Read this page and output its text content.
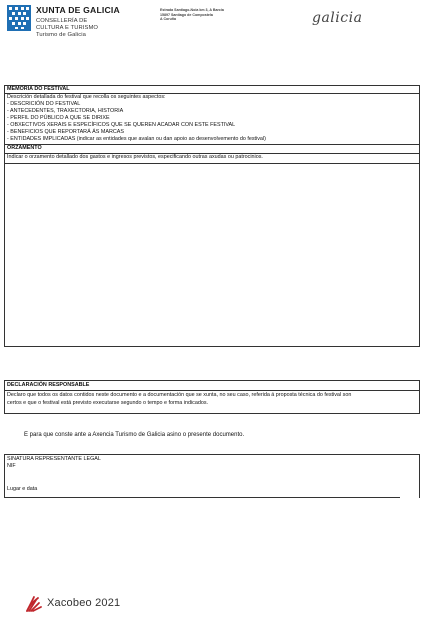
XUNTA DE GALICIA
CONSELLERÍA DE
CULTURA E TURISMO
Turismo de Galicia
Estrada Santiago-Noia km 3, A Barcia
15897 Santiago de Compostela
A Coruña	galicia
MEMORIA DO FESTIVAL
Descrición detallada do festival que recolla os seguintes aspectos:
- DESCRICIÓN DO FESTIVAL
- ANTECEDENTES, TRAXECTORIA, HISTORIA
- PERFIL DO PÚBLICO A QUE SE DIRIXE
- OBXECTIVOS XERAIS E ESPECÍFICOS QUE SE QUEREN ACADAR CON ESTE FESTIVAL
- BENEFICIOS QUE REPORTARÁ ÁS MARCAS
- ENTIDADES IMPLICADAS (indicar as entidades que avalan ou dan apoio ao desenvolvemento do festival)
ORZAMENTO
Indicar o orzamento detallado dos gastos e ingresos previstos, especificando outras axudas ou patrocinios.
DECLARACIÓN RESPONSABLE
Declaro que todos os datos contidos neste documento e a documentación que se xunta, no seu caso, referida á proposta técnica do festival son
certos e que o festival está previsto executarse segundo o tempo e forma indicados.
E para que conste ante a Axencia Turismo de Galicia asino o presente documento.
SINATURA REPRESENTANTE LEGAL
NIF
Lugar e data
Xacobeo 2021
